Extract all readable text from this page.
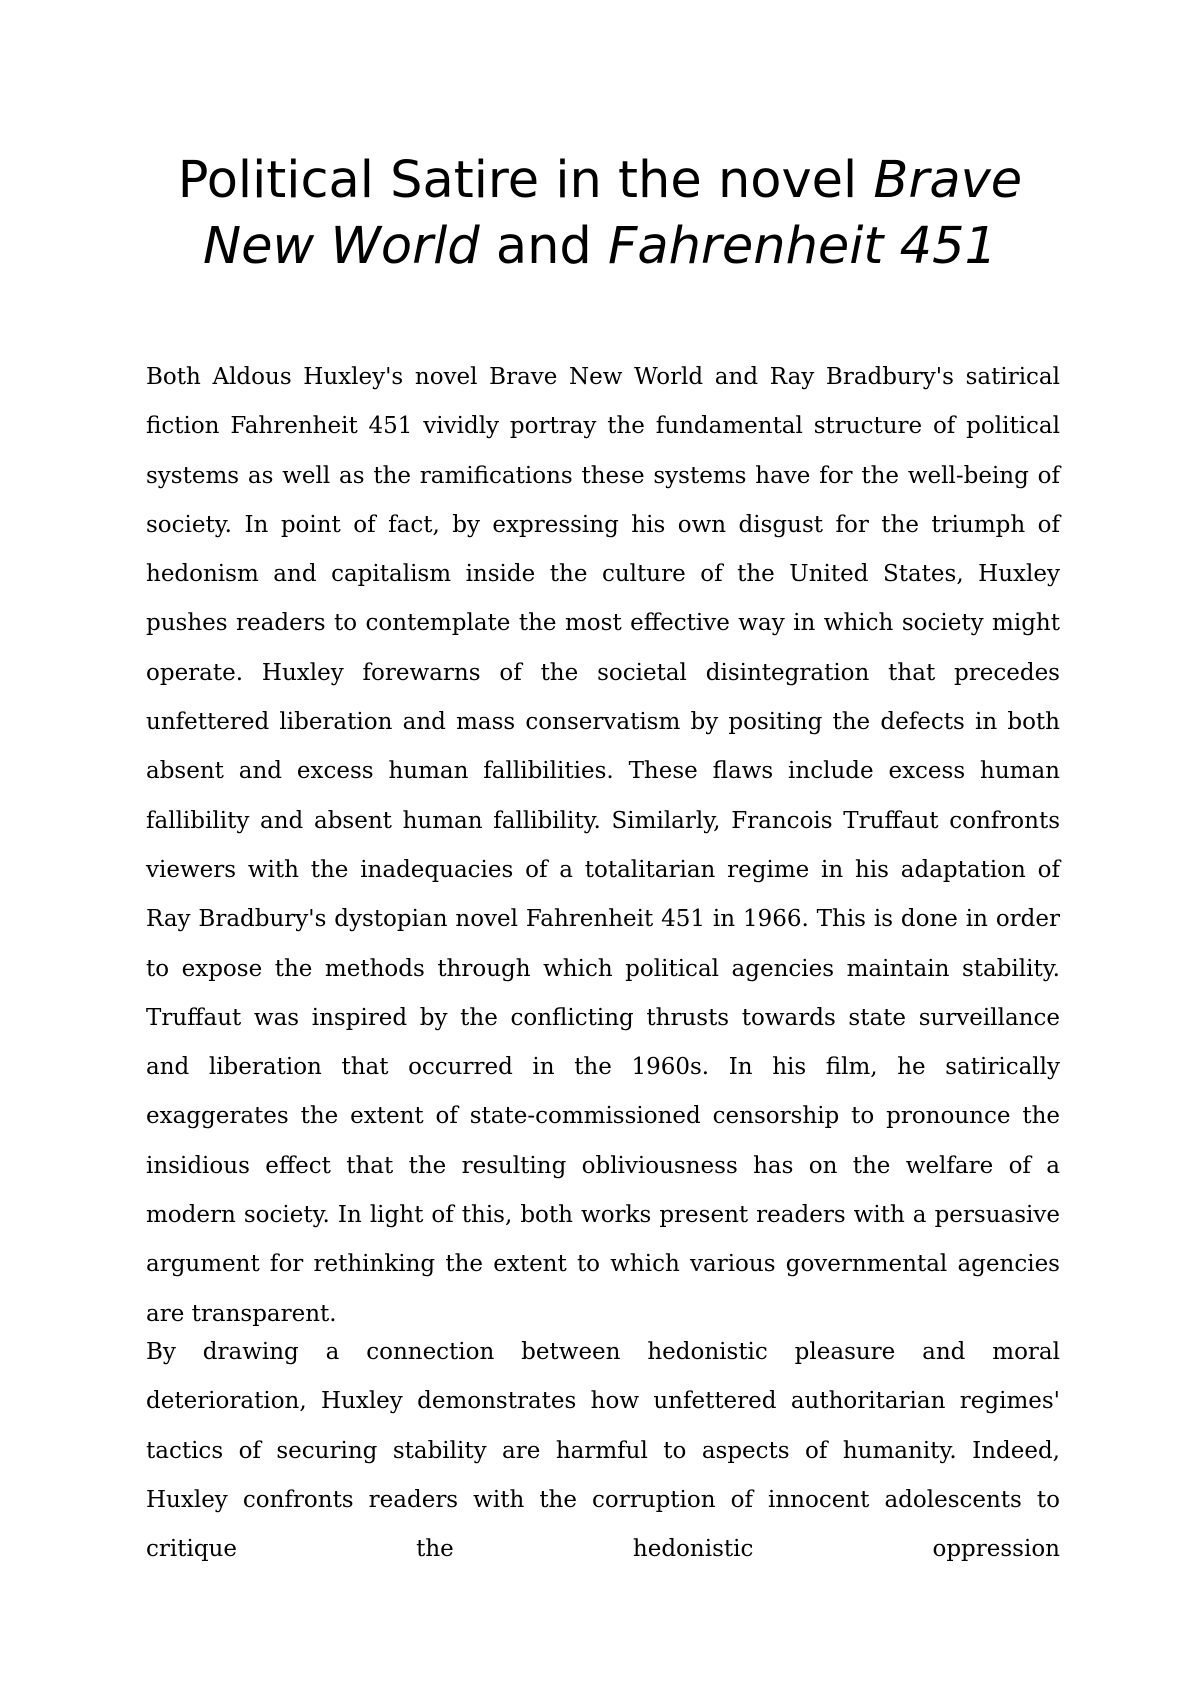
Political Satire in the novel Brave
New World and Fahrenheit 451

Both Aldous Huxley's novel Brave New World and Ray Bradbury's satirical fiction Fahrenheit 451 vividly portray the fundamental structure of political systems as well as the ramifications these systems have for the well-being of society. In point of fact, by expressing his own disgust for the triumph of hedonism and capitalism inside the culture of the United States, Huxley pushes readers to contemplate the most effective way in which society might operate. Huxley forewarns of the societal disintegration that precedes unfettered liberation and mass conservatism by positing the defects in both absent and excess human fallibilities. These flaws include excess human fallibility and absent human fallibility. Similarly, Francois Truffaut confronts viewers with the inadequacies of a totalitarian regime in his adaptation of Ray Bradbury's dystopian novel Fahrenheit 451 in 1966. This is done in order to expose the methods through which political agencies maintain stability. Truffaut was inspired by the conflicting thrusts towards state surveillance and liberation that occurred in the 1960s. In his film, he satirically exaggerates the extent of state-commissioned censorship to pronounce the insidious effect that the resulting obliviousness has on the welfare of a modern society. In light of this, both works present readers with a persuasive argument for rethinking the extent to which various governmental agencies are transparent.

By drawing a connection between hedonistic pleasure and moral deterioration, Huxley demonstrates how unfettered authoritarian regimes' tactics of securing stability are harmful to aspects of humanity. Indeed, Huxley confronts readers with the corruption of innocent adolescents to critique the hedonistic oppression
